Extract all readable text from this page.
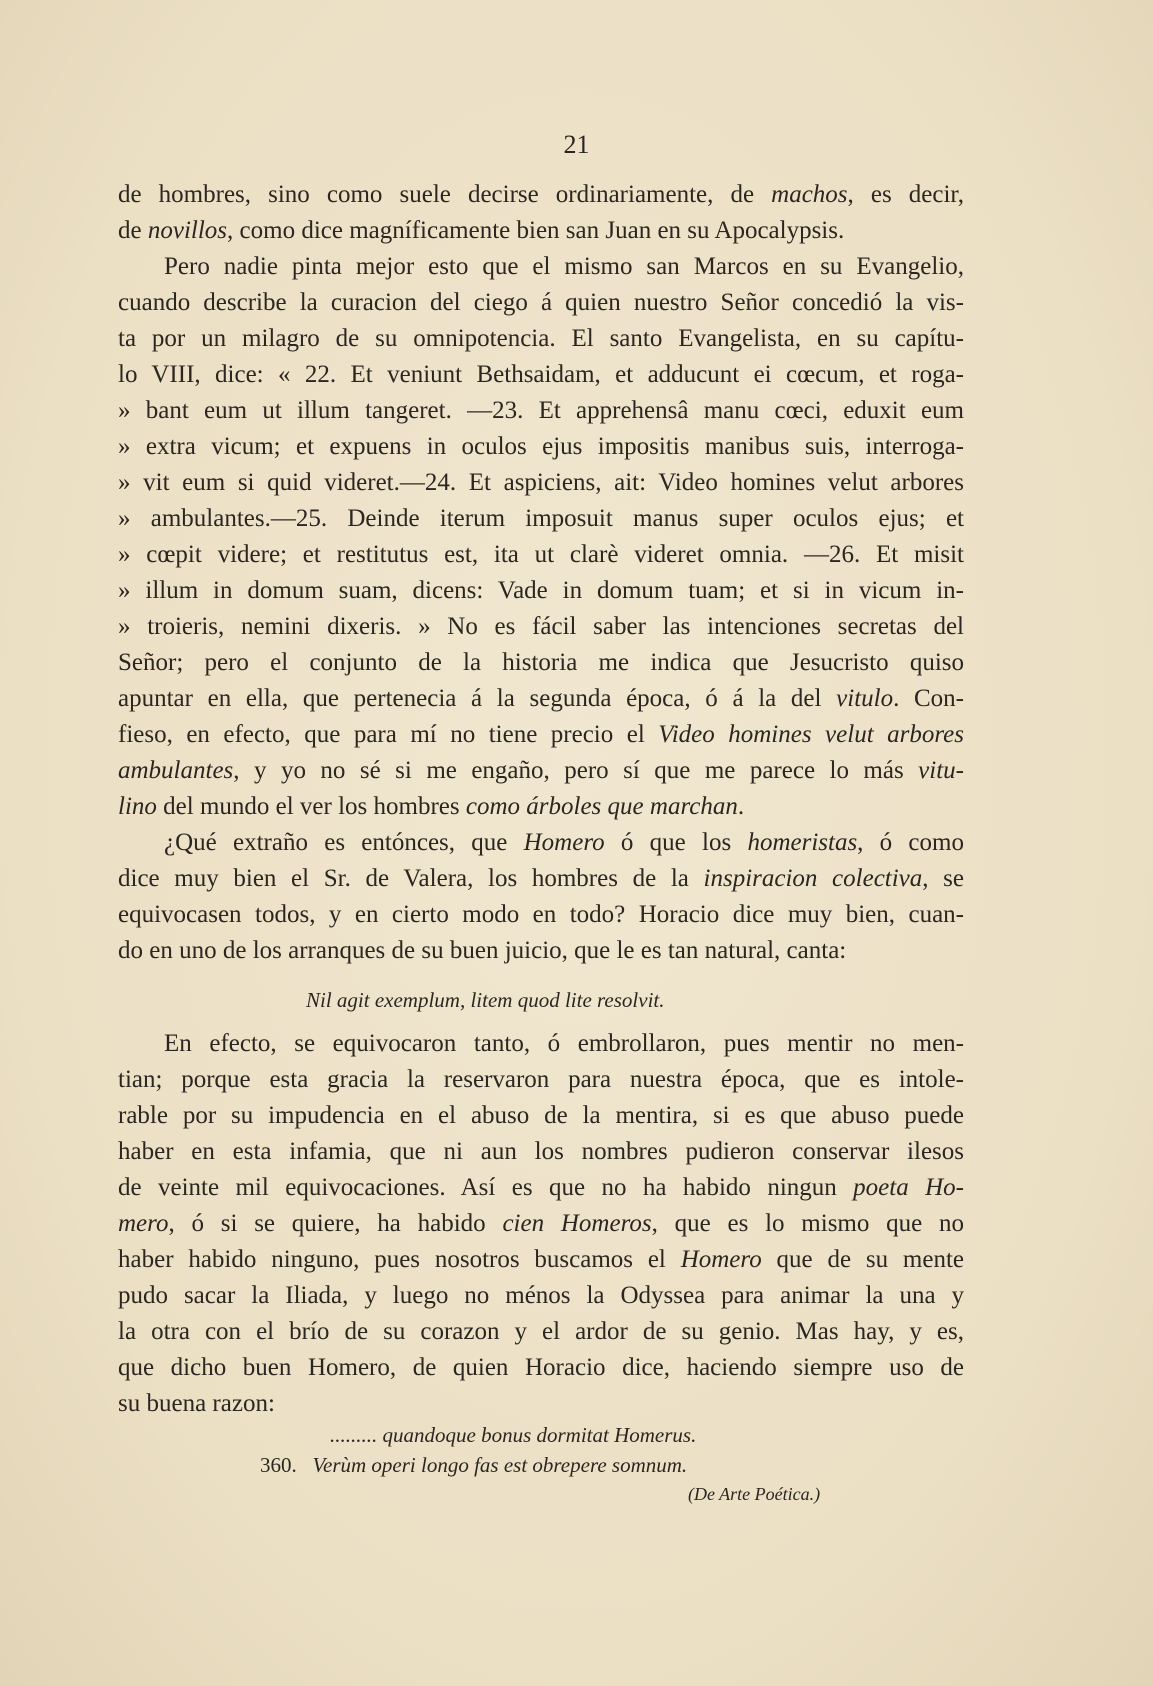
21
de hombres, sino como suele decirse ordinariamente, de machos, es decir,
de novillos, como dice magníficamente bien san Juan en su Apocalypsis.
Pero nadie pinta mejor esto que el mismo san Marcos en su Evangelio,
cuando describe la curacion del ciego á quien nuestro Señor concedió la vis-
ta por un milagro de su omnipotencia. El santo Evangelista, en su capítu-
lo VIII, dice: « 22. Et veniunt Bethsaidam, et adducunt ei cœcum, et roga-
» bant eum ut illum tangeret. —23. Et apprehensâ manu cœci, eduxit eum
» extra vicum; et expuens in oculos ejus impositis manibus suis, interroga-
» vit eum si quid videret.—24. Et aspiciens, ait: Video homines velut arbores
» ambulantes.—25. Deinde iterum imposuit manus super oculos ejus; et
» cœpit videre; et restitutus est, ita ut clarè videret omnia. —26. Et misit
» illum in domum suam, dicens: Vade in domum tuam; et si in vicum in-
» troieris, nemini dixeris. » No es fácil saber las intenciones secretas del
Señor; pero el conjunto de la historia me indica que Jesucristo quiso
apuntar en ella, que pertenecia á la segunda época, ó á la del vitulo. Con-
fieso, en efecto, que para mí no tiene precio el Video homines velut arbores
ambulantes, y yo no sé si me engaño, pero sí que me parece lo más vitu-
lino del mundo el ver los hombres como árboles que marchan.
¿Qué extraño es entónces, que Homero ó que los homeristas, ó como
dice muy bien el Sr. de Valera, los hombres de la inspiracion colectiva, se
equivocasen todos, y en cierto modo en todo? Horacio dice muy bien, cuan-
do en uno de los arranques de su buen juicio, que le es tan natural, canta:
Nil agit exemplum, litem quod lite resolvit.
En efecto, se equivocaron tanto, ó embrollaron, pues mentir no men-
tian; porque esta gracia la reservaron para nuestra época, que es intole-
rable por su impudencia en el abuso de la mentira, si es que abuso puede
haber en esta infamia, que ni aun los nombres pudieron conservar ilesos
de veinte mil equivocaciones. Así es que no ha habido ningun poeta Ho-
mero, ó si se quiere, ha habido cien Homeros, que es lo mismo que no
haber habido ninguno, pues nosotros buscamos el Homero que de su mente
pudo sacar la Iliada, y luego no ménos la Odyssea para animar la una y
la otra con el brío de su corazon y el ardor de su genio. Mas hay, y es,
que dicho buen Homero, de quien Horacio dice, haciendo siempre uso de
su buena razon:
......... quandoque bonus dormitat Homerus.
360. Verùm operi longo fas est obrepere somnum.
(De Arte Poética.)
